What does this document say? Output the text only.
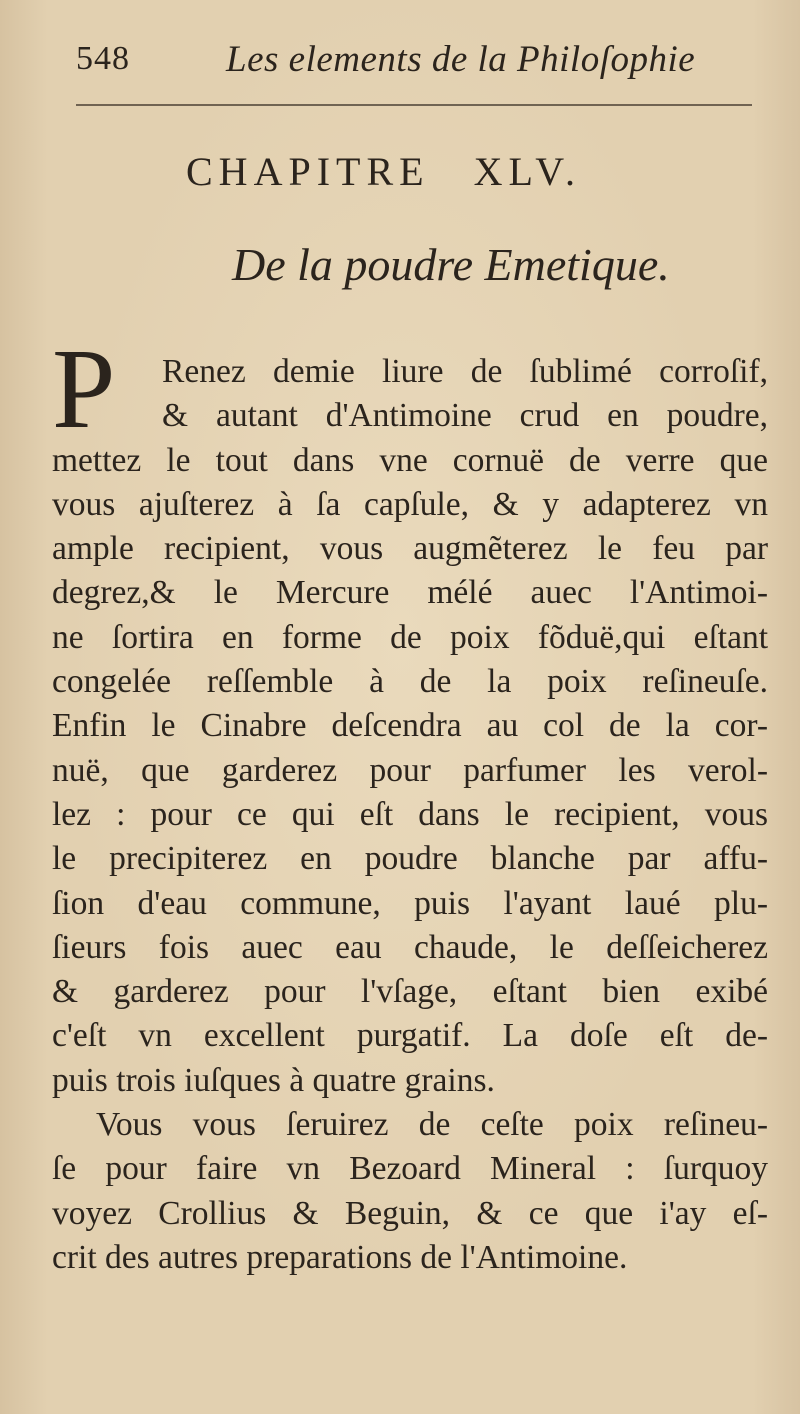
548	Les elements de la Philoſophie
CHAPITRE XLV.
De la poudre Emetique.
P	Renez demie liure de ſublimé corroſif,
& autant d'Antimoine crud en poudre,
mettez le tout dans vne cornuë de verre que
vous ajuſterez à ſa capſule, & y adapterez vn
ample recipient, vous augmẽterez le feu par
degrez,& le Mercure mélé auec l'Antimoi-
ne ſortira en forme de poix fõduë,qui eſtant
congelée reſſemble à de la poix reſineuſe.
Enfin le Cinabre deſcendra au col de la cor-
nuë, que garderez pour parfumer les verol-
lez : pour ce qui eſt dans le recipient, vous
le precipiterez en poudre blanche par affu-
ſion d'eau commune, puis l'ayant laué plu-
ſieurs fois auec eau chaude, le deſſeicherez
& garderez pour l'vſage, eſtant bien exibé
c'eſt vn excellent purgatif. La doſe eſt de-
puis trois iuſques à quatre grains.
Vous vous ſeruirez de ceſte poix reſineu-
ſe pour faire vn Bezoard Mineral : ſurquoy
voyez Crollius & Beguin, & ce que i'ay eſ-
crit des autres preparations de l'Antimoine.
